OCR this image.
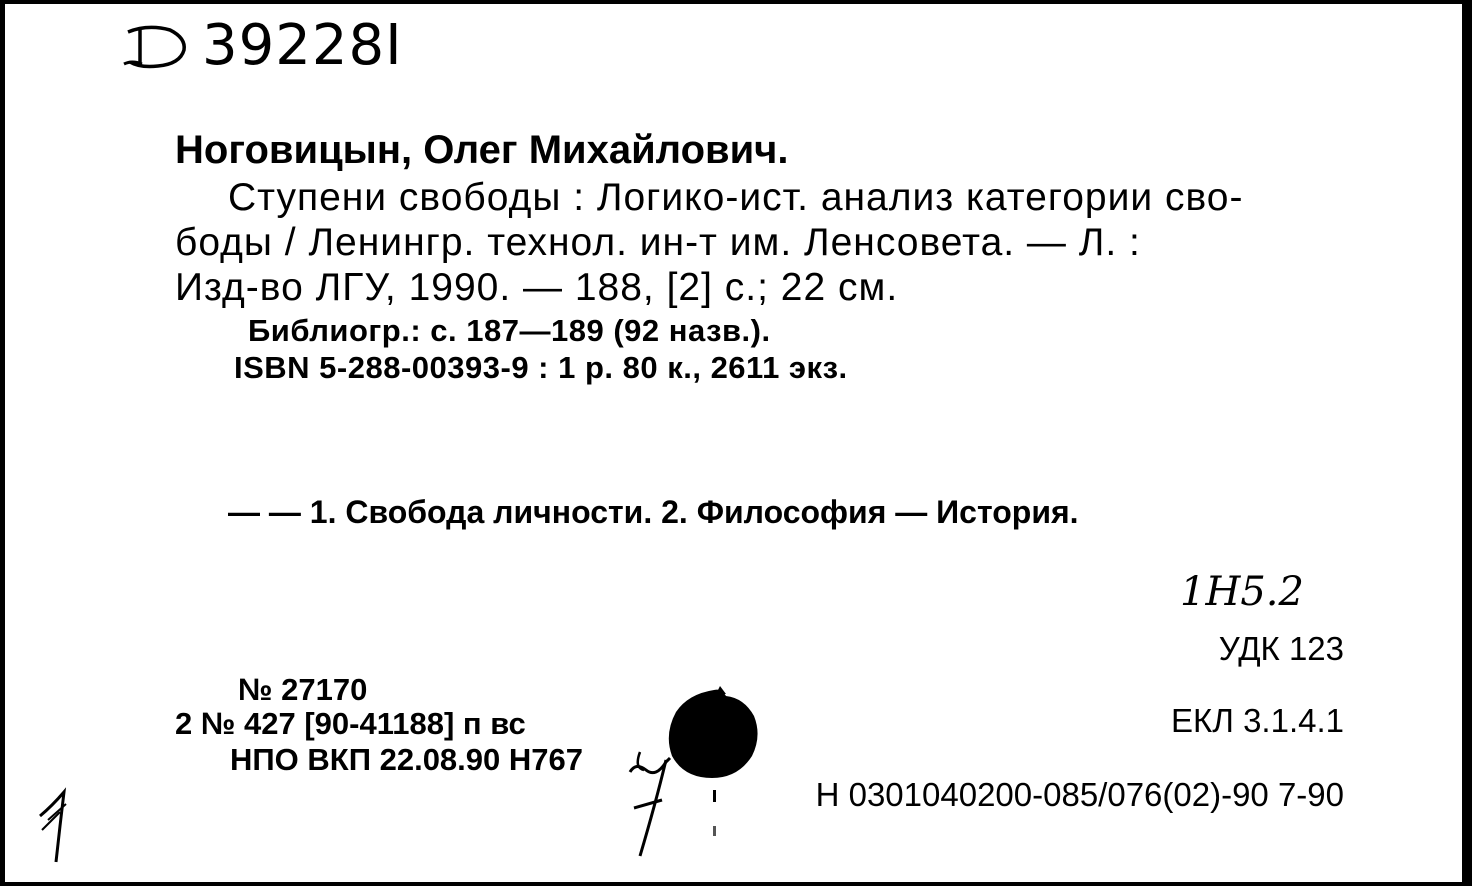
39228I
Ноговицын, Олег Михайлович.
Ступени свободы : Логико-ист. анализ категории сво-
боды / Ленингр. технол. ин-т им. Ленсовета. — Л. :
Изд-во ЛГУ, 1990. — 188, [2] с.; 22 см.
Библиогр.: с. 187—189 (92 назв.).
ISBN 5-288-00393-9 : 1 р. 80 к., 2611 экз.
— — 1. Свобода личности. 2. Философия — История.
1Н5.2
УДК 123
ЕКЛ 3.1.4.1
Н 0301040200-085/076(02)-90 7-90
№ 27170
2 № 427 [90-41188] п вс
НПО ВКП 22.08.90 Н767
7
